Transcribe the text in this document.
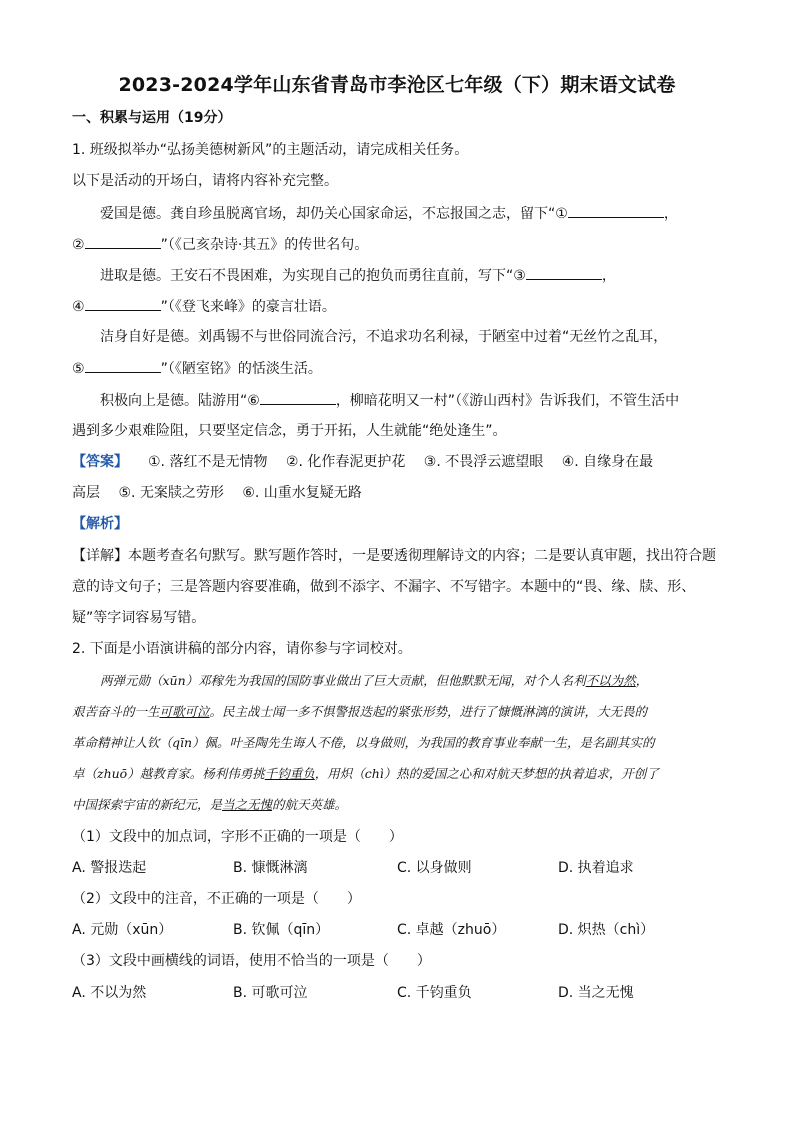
2023-2024学年山东省青岛市李沧区七年级（下）期末语文试卷
一、积累与运用（19分）
1. 班级拟举办“弘扬美德树新风”的主题活动，请完成相关任务。
以下是活动的开场白，请将内容补充完整。
爱国是德。龚自珍虽脱离官场，却仍关心国家命运，不忘报国之志，留下“①	，
②	”（《己亥杂诗·其五》的传世名句。
进取是德。王安石不畏困难，为实现自己的抱负而勇往直前，写下“③	，
④	”（《登飞来峰》的豪言壮语。
洁身自好是德。刘禹锡不与世俗同流合污，不追求功名利禄，于陋室中过着“无丝竹之乱耳，
⑤	”（《陋室铭》的恬淡生活。
积极向上是德。陆游用“⑥	，柳暗花明又一村”（《游山西村》告诉我们，不管生活中
遇到多少艰难险阻，只要坚定信念，勇于开拓，人生就能“绝处逢生”。
【答案】 ①. 落红不是无情物　 ②. 化作春泥更护花　 ③. 不畏浮云遮望眼　 ④. 自缘身在最
高层　 ⑤. 无案牍之劳形　 ⑥. 山重水复疑无路
【解析】
【详解】本题考查名句默写。默写题作答时，一是要透彻理解诗文的内容；二是要认真审题，找出符合题
意的诗文句子；三是答题内容要准确，做到不添字、不漏字、不写错字。本题中的“畏、缘、牍、形、
疑”等字词容易写错。
2. 下面是小语演讲稿的部分内容，请你参与字词校对。
两弹元勋（xūn）邓稼先为我国的国防事业做出了巨大贡献，但他默默无闻，对个人名利不以为然，
艰苦奋斗的一生可歌可泣。民主战士闻一多不惧警报迭起的紧张形势，进行了慷慨淋漓的演讲，大无畏的
革命精神让人钦（qīn）佩。叶圣陶先生诲人不倦，以身做则，为我国的教育事业奉献一生，是名副其实的
卓（zhuō）越教育家。杨利伟勇挑千钧重负，用炽（chì）热的爱国之心和对航天梦想的执着追求，开创了
中国探索宇宙的新纪元，是当之无愧的航天英雄。
（1）文段中的加点词，字形不正确的一项是（　　）
A. 警报迭起	B. 慷慨淋漓	C. 以身做则	D. 执着追求
（2）文段中的注音，不正确的一项是（　　）
A. 元勋（xūn）	B. 钦佩（qīn）	C. 卓越（zhuō）	D. 炽热（chì）
（3）文段中画横线的词语，使用不恰当的一项是（　　）
A. 不以为然	B. 可歌可泣	C. 千钧重负	D. 当之无愧
